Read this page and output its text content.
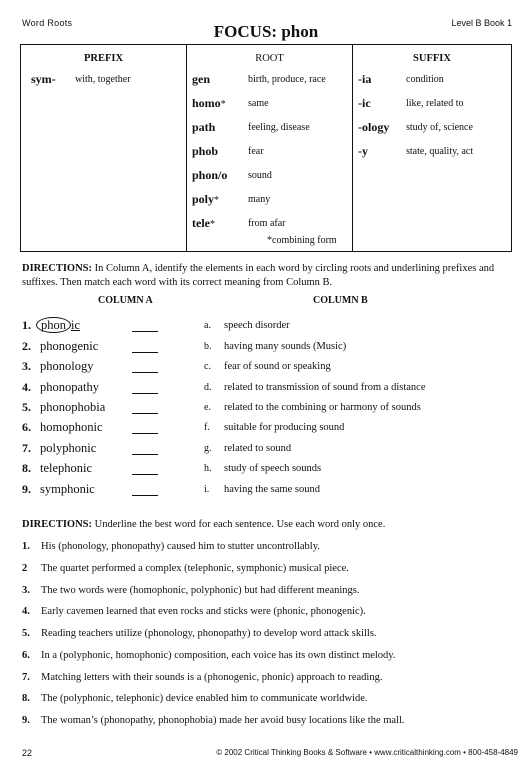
Word Roots	Level B Book 1
FOCUS: phon
PREFIX
sym-	with, together
ROOT
gen	birth, produce, race
homo*	same
path	feeling, disease
phob	fear
phon/o	sound
poly*	many
tele*	from afar
*combining form
SUFFIX
-ia	condition
-ic	like, related to
-ology	study of, science
-y	state, quality, act
DIRECTIONS: In Column A, identify the elements in each word by circling roots and underlining prefixes and suffixes. Then match each word with its correct meaning from Column B.
COLUMN A	COLUMN B
1. phon ic	a.	speech disorder
2. phonogenic	b.	having many sounds (Music)
3. phonology	c.	fear of sound or speaking
4. phonopathy	d.	related to transmission of sound from a distance
5. phonophobia	e.	related to the combining or harmony of sounds
6. homophonic	f.	suitable for producing sound
7. polyphonic	g.	related to sound
8. telephonic	h.	study of speech sounds
9. symphonic	i.	having the same sound
DIRECTIONS: Underline the best word for each sentence. Use each word only once.
1.	His (phonology, phonopathy) caused him to stutter uncontrollably.
2	The quartet performed a complex (telephonic, symphonic) musical piece.
3.	The two words were (homophonic, polyphonic) but had different meanings.
4.	Early cavemen learned that even rocks and sticks were (phonic, phonogenic).
5.	Reading teachers utilize (phonology, phonopathy) to develop word attack skills.
6.	In a (polyphonic, homophonic) composition, each voice has its own distinct melody.
7.	Matching letters with their sounds is a (phonogenic, phonic) approach to reading.
8.	The (polyphonic, telephonic) device enabled him to communicate worldwide.
9.	The woman’s (phonopathy, phonophobia) made her avoid busy locations like the mall.
22	© 2002 Critical Thinking Books & Software • www.criticalthinking.com • 800-458-4849
